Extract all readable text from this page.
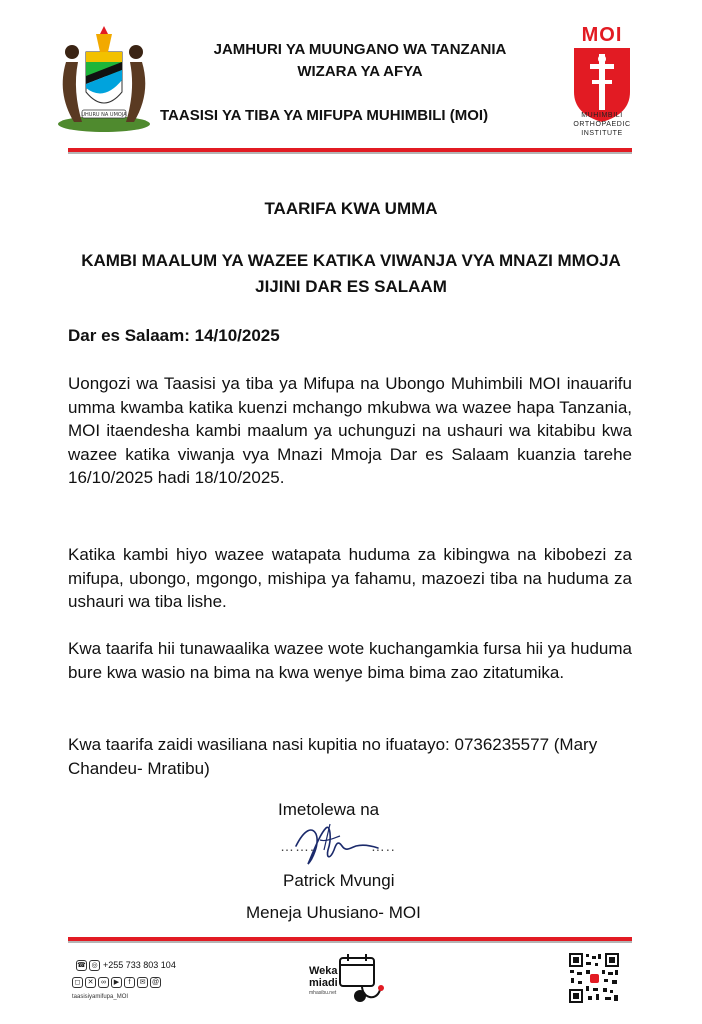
UHURU NA UMOJA
JAMHURI YA MUUNGANO WA TANZANIA
WIZARA YA AFYA
TAASISI YA TIBA YA MIFUPA MUHIMBILI (MOI)
MOI
MUHIMBILI
ORTHOPAEDIC
INSTITUTE
TAARIFA KWA UMMA
KAMBI MAALUM YA WAZEE KATIKA VIWANJA VYA MNAZI MMOJA JIJINI DAR ES SALAAM
Dar es Salaam: 14/10/2025
Uongozi wa Taasisi ya tiba ya Mifupa na Ubongo Muhimbili MOI inauarifu umma kwamba katika kuenzi mchango mkubwa wa wazee hapa Tanzania, MOI itaendesha kambi maalum ya uchunguzi na ushauri wa kitabibu kwa wazee katika viwanja vya Mnazi Mmoja Dar es Salaam kuanzia tarehe 16/10/2025 hadi 18/10/2025.
Katika kambi hiyo wazee watapata huduma za kibingwa na kibobezi za mifupa, ubongo, mgongo, mishipa ya fahamu, mazoezi tiba na huduma za ushauri wa tiba lishe.
Kwa taarifa hii tunawaalika wazee wote kuchangamkia fursa hii ya huduma bure kwa wasio na bima na kwa wenye bima bima zao zitatumika.
Kwa taarifa zaidi wasiliana nasi kupitia no ifuatayo: 0736235577 (Mary Chandeu- Mratibu)
Imetolewa na
…….	…..
Patrick Mvungi
Meneja Uhusiano- MOI
☎ ◎ +255 733 803 104
◻	✕	∞	▶	f	✉ @
taasisiyamifupa_MOI
Weka
miadi
mhasibu.net
